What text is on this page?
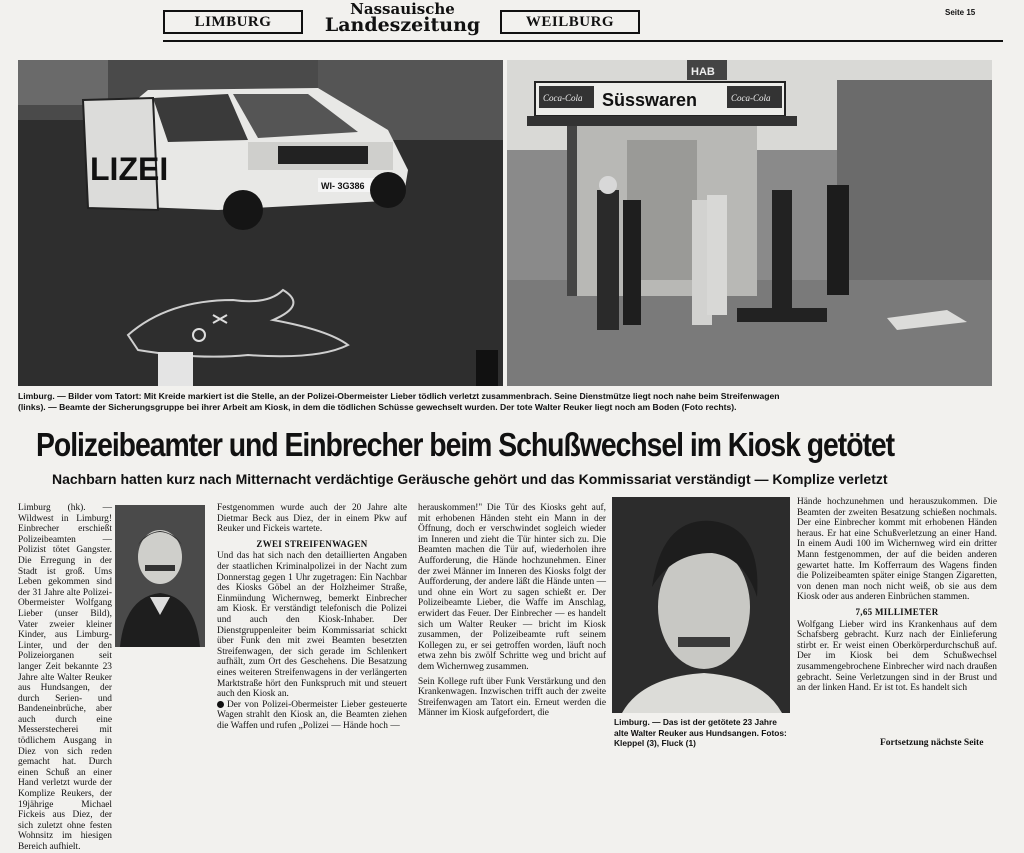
LIMBURG
Nassauische
Landeszeitung	WEILBURG
Seite 15
WI- 3G386
LIZEI
Coca-Cola	Coca-Cola
Süsswaren
HAB
Limburg. — Bilder vom Tatort: Mit Kreide markiert ist die Stelle, an der Polizei-Obermeister Lieber tödlich verletzt zusammenbrach. Seine Dienstmütze liegt noch nahe beim Streifenwagen
(links). — Beamte der Sicherungsgruppe bei ihrer Arbeit am Kiosk, in dem die tödlichen Schüsse gewechselt wurden. Der tote Walter Reuker liegt noch am Boden (Foto rechts).
Polizeibeamter und Einbrecher beim Schußwechsel im Kiosk getötet
Nachbarn hatten kurz nach Mitternacht verdächtige Geräusche gehört und das Kommissariat verständigt — Komplize verletzt

Limburg (hk). — Wildwest in Limburg! Einbrecher erschießt Polizeibeamten — Polizist tötet Gangster. Die Erregung in der Stadt ist groß. Ums Leben gekommen sind der 31 Jahre alte Polizei-Obermeister Wolfgang Lieber (unser Bild), Vater zweier kleiner Kinder, aus Limburg-Linter, und der den Polizeiorganen seit langer Zeit bekannte 23 Jahre alte Walter Reuker aus Hundsangen, der durch Serien- und Bandeneinbrüche, aber auch durch eine Messerstecherei mit tödlichem Ausgang in Diez von sich reden gemacht hat. Durch einen Schuß an einer Hand verletzt wurde der Komplize Reukers, der 19jährige Michael Fickeis aus Diez, der sich zuletzt ohne festen Wohnsitz im hiesigen Bereich aufhielt.

Festgenommen wurde auch der 20 Jahre alte Dietmar Beck aus Diez, der in einem Pkw auf Reuker und Fickeis wartete.

ZWEI STREIFENWAGEN

Und das hat sich nach den detaillierten Angaben der staatlichen Kriminalpolizei in der Nacht zum Donnerstag gegen 1 Uhr zugetragen: Ein Nachbar des Kiosks Göbel an der Holzheimer Straße, Einmündung Wichernweg, bemerkt Einbrecher am Kiosk. Er verständigt telefonisch die Polizei und auch den Kiosk-Inhaber. Der Dienstgruppenleiter beim Kommissariat schickt über Funk den mit zwei Beamten besetzten Streifenwagen, der sich gerade im Schlenkert aufhält, zum Ort des Geschehens. Die Besatzung eines weiteren Streifenwagens in der verlängerten Marktstraße hört den Funkspruch mit und steuert auch den Kiosk an.

Der von Polizei-Obermeister Lieber gesteuerte Wagen strahlt den Kiosk an, die Beamten ziehen die Waffen und rufen „Polizei — Hände hoch —

herauskommen!" Die Tür des Kiosks geht auf, mit erhobenen Händen steht ein Mann in der Öffnung, doch er verschwindet sogleich wieder im Inneren und zieht die Tür hinter sich zu. Die Beamten machen die Tür auf, wiederholen ihre Aufforderung, die Hände hochzunehmen. Einer der zwei Männer im Inneren des Kiosks folgt der Aufforderung, der andere läßt die Hände unten — und ohne ein Wort zu sagen schießt er. Der Polizeibeamte Lieber, die Waffe im Anschlag, erwidert das Feuer. Der Einbrecher — es handelt sich um Walter Reuker — bricht im Kiosk zusammen, der Polizeibeamte ruft seinem Kollegen zu, er sei getroffen worden, läuft noch etwa zehn bis zwölf Schritte weg und bricht auf dem Wichernweg zusammen.

Sein Kollege ruft über Funk Verstärkung und den Krankenwagen. Inzwischen trifft auch der zweite Streifenwagen am Tatort ein. Erneut werden die Männer im Kiosk aufgefordert, die

Limburg. — Das ist der getötete 23 Jahre alte Walter Reuker aus Hundsangen. Fotos: Kleppel (3), Fluck (1)

Hände hochzunehmen und herauszukommen. Die Beamten der zweiten Besatzung schießen nochmals. Der eine Einbrecher kommt mit erhobenen Händen heraus. Er hat eine Schußverletzung an einer Hand. In einem Audi 100 im Wichernweg wird ein dritter Mann festgenommen, der auf die beiden anderen gewartet hatte. Im Kofferraum des Wagens finden die Polizeibeamten später einige Stangen Zigaretten, von denen man noch nicht weiß, ob sie aus dem Kiosk oder aus anderen Einbrüchen stammen.

7,65 MILLIMETER

Wolfgang Lieber wird ins Krankenhaus auf dem Schafsberg gebracht. Kurz nach der Einlieferung stirbt er. Er weist einen Oberkörperdurchschuß auf. Der im Kiosk bei dem Schußwechsel zusammengebrochene Einbrecher wird nach draußen gebracht. Seine Verletzungen sind in der Brust und an der linken Hand. Er ist tot. Es handelt sich

Fortsetzung nächste Seite
